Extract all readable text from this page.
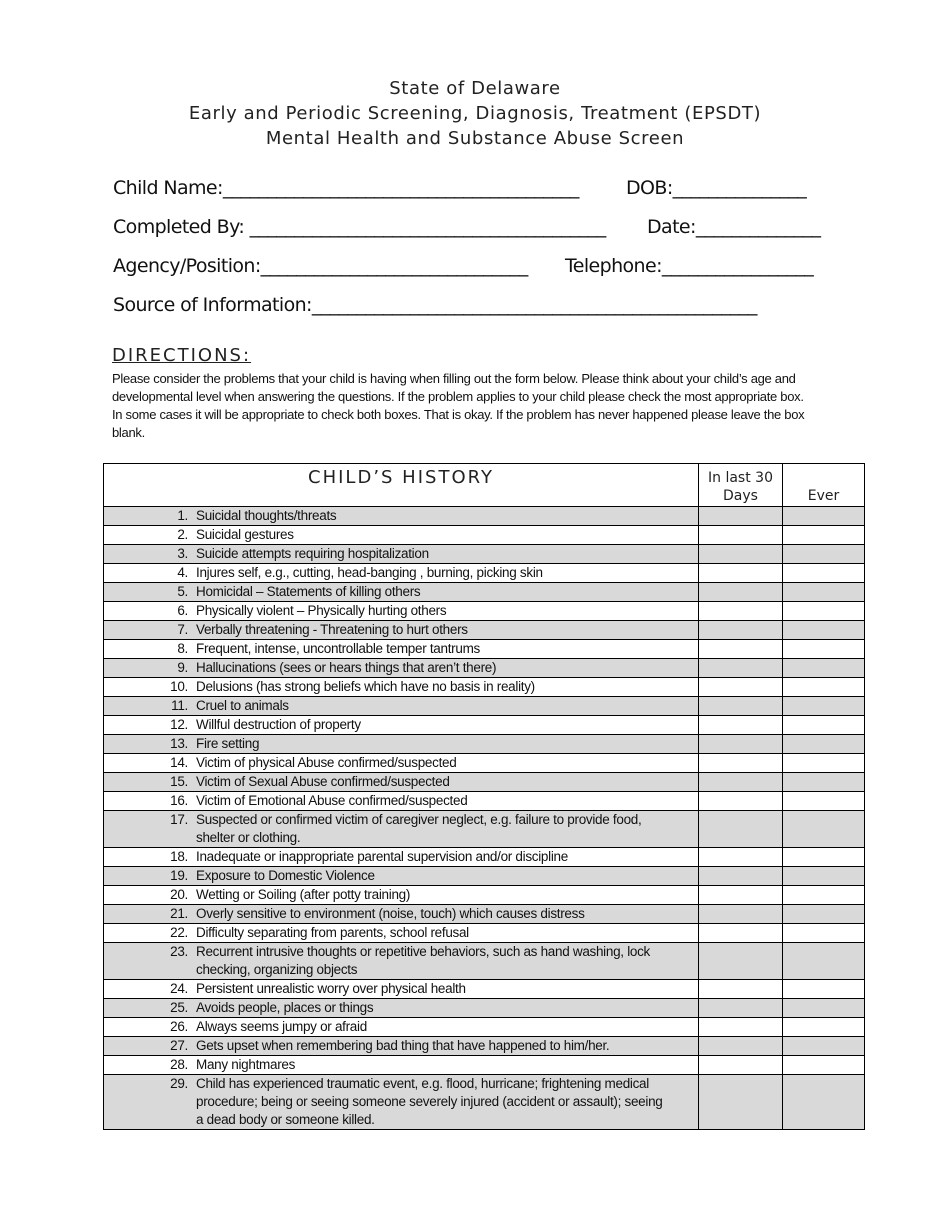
State of Delaware
Early and Periodic Screening, Diagnosis, Treatment (EPSDT)
Mental Health and Substance Abuse Screen
Child Name:________________________________________ DOB:_______________
Completed By: ________________________________________ Date:______________
Agency/Position:______________________________ Telephone:_________________
Source of Information:__________________________________________________
DIRECTIONS:
Please consider the problems that your child is having when filling out the form below. Please think about your child’s age and developmental level when answering the questions. If the problem applies to your child please check the most appropriate box. In some cases it will be appropriate to check both boxes. That is okay. If the problem has never happened please leave the box blank.
CHILD’S HISTORY	In last 30 Days	Ever

1. Suicidal thoughts/threats		

2. Suicidal gestures		

3. Suicide attempts requiring hospitalization		

4. Injures self, e.g., cutting, head-banging , burning, picking skin		

5. Homicidal – Statements of killing others		

6. Physically violent – Physically hurting others		

7. Verbally threatening - Threatening to hurt others		

8. Frequent, intense, uncontrollable temper tantrums		

9. Hallucinations (sees or hears things that aren’t there)		

10. Delusions (has strong beliefs which have no basis in reality)		

11. Cruel to animals		

12. Willful destruction of property		

13. Fire setting		

14. Victim of physical Abuse confirmed/suspected		

15. Victim of Sexual Abuse confirmed/suspected		

16. Victim of Emotional Abuse confirmed/suspected		

17. Suspected or confirmed victim of caregiver neglect, e.g. failure to provide food, shelter or clothing.		

18. Inadequate or inappropriate parental supervision and/or discipline		

19. Exposure to Domestic Violence		

20. Wetting or Soiling (after potty training)		

21. Overly sensitive to environment (noise, touch) which causes distress		

22. Difficulty separating from parents, school refusal		

23. Recurrent intrusive thoughts or repetitive behaviors, such as hand washing, lock checking, organizing objects		

24. Persistent unrealistic worry over physical health		

25. Avoids people, places or things		

26. Always seems jumpy or afraid		

27. Gets upset when remembering bad thing that have happened to him/her.		

28. Many nightmares		

29. Child has experienced traumatic event, e.g. flood, hurricane; frightening medical procedure; being or seeing someone severely injured (accident or assault); seeing a dead body or someone killed.		
